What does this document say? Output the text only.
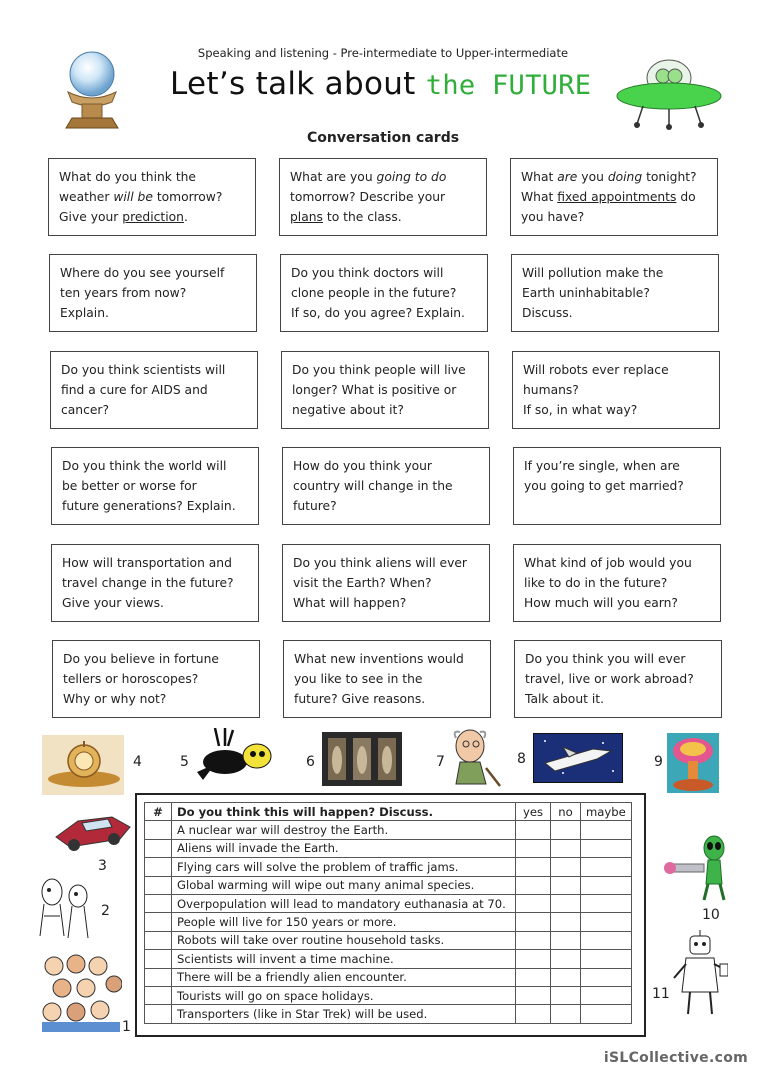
Speaking and listening - Pre-intermediate to Upper-intermediate
Let’s talk about the FUTURE
Conversation cards
What do you think the
weather will be tomorrow?
Give your prediction.
What are you going to do
tomorrow? Describe your
plans to the class.
What are you doing tonight?
What fixed appointments do
you have?
Where do you see yourself
ten years from now?
Explain.
Do you think doctors will
clone people in the future?
If so, do you agree? Explain.
Will pollution make the
Earth uninhabitable?
Discuss.
Do you think scientists will
find a cure for AIDS and
cancer?
Do you think people will live
longer? What is positive or
negative about it?
Will robots ever replace
humans?
If so, in what way?
Do you think the world will
be better or worse for
future generations? Explain.
How do you think your
country will change in the
future?
If you’re single, when are
you going to get married?
How will transportation and
travel change in the future?
Give your views.
Do you think aliens will ever
visit the Earth? When?
What will happen?
What kind of job would you
like to do in the future?
How much will you earn?
Do you believe in fortune
tellers or horoscopes?
Why or why not?
What new inventions would
you like to see in the
future? Give reasons.
Do you think you will ever
travel, live or work abroad?
Talk about it.
4	5	6	7	8	9
3
2
1
10
11
#	Do you think this will happen? Discuss.	yes	no	maybe
	A nuclear war will destroy the Earth.			
	Aliens will invade the Earth.			
	Flying cars will solve the problem of traffic jams.			
	Global warming will wipe out many animal species.			
	Overpopulation will lead to mandatory euthanasia at 70.			
	People will live for 150 years or more.			
	Robots will take over routine household tasks.			
	Scientists will invent a time machine.			
	There will be a friendly alien encounter.			
	Tourists will go on space holidays.			
	Transporters (like in Star Trek) will be used.			
iSLCollective.com
